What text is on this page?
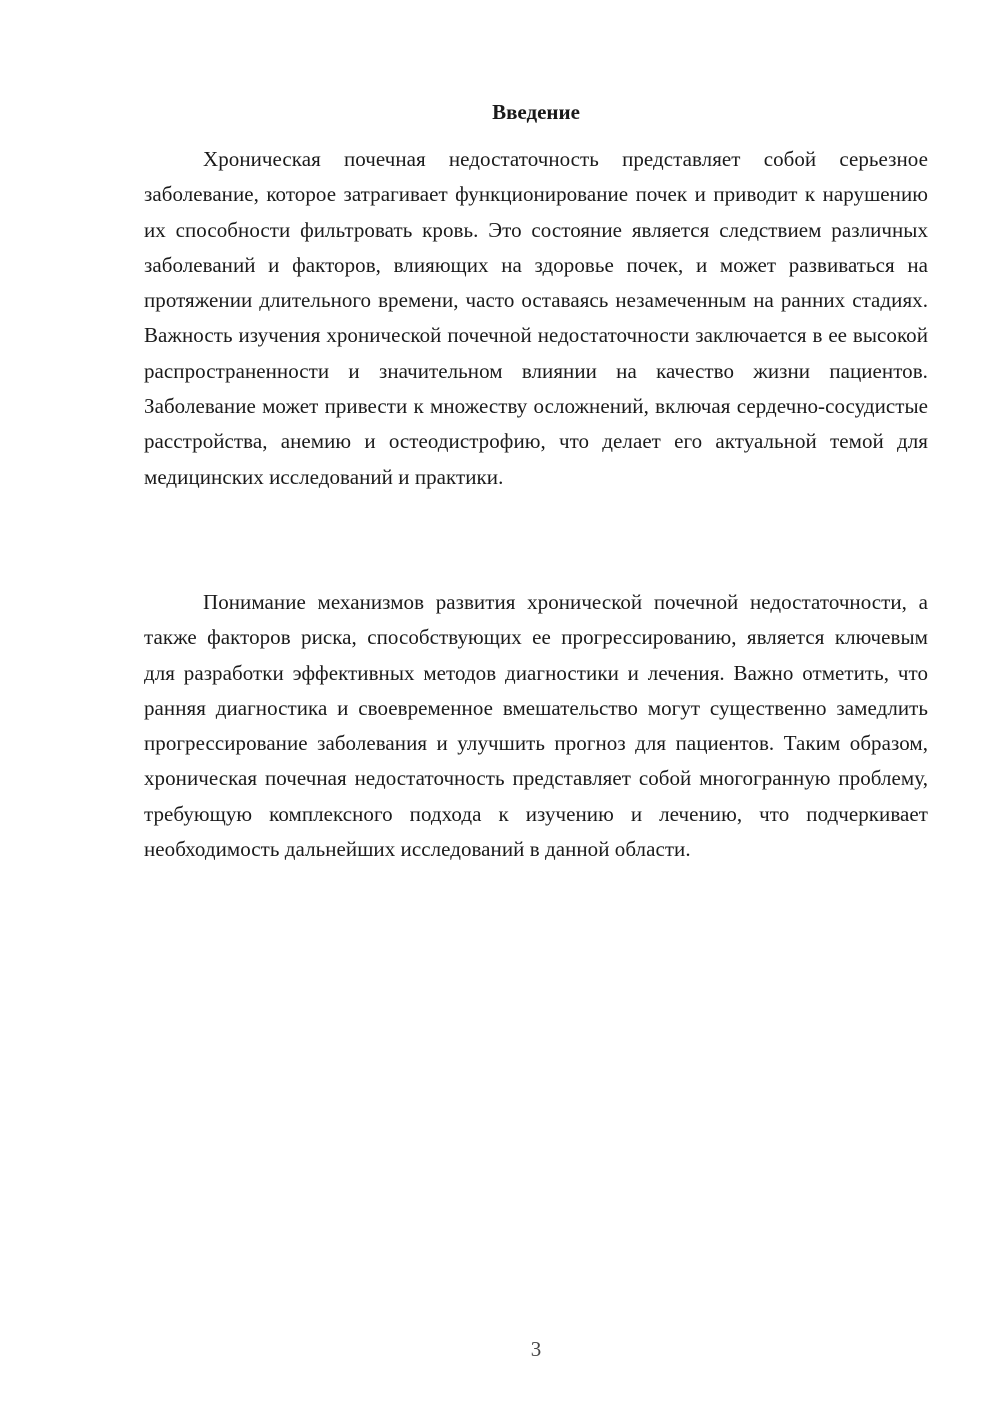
Введение

Хроническая почечная недостаточность представляет собой серьезное заболевание, которое затрагивает функционирование почек и приводит к нарушению их способности фильтровать кровь. Это состояние является следствием различных заболеваний и факторов, влияющих на здоровье почек, и может развиваться на протяжении длительного времени, часто оставаясь незамеченным на ранних стадиях. Важность изучения хронической почечной недостаточности заключается в ее высокой распространенности и значительном влиянии на качество жизни пациентов. Заболевание может привести к множеству осложнений, включая сердечно-сосудистые расстройства, анемию и остеодистрофию, что делает его актуальной темой для медицинских исследований и практики.

Понимание механизмов развития хронической почечной недостаточности, а также факторов риска, способствующих ее прогрессированию, является ключевым для разработки эффективных методов диагностики и лечения. Важно отметить, что ранняя диагностика и своевременное вмешательство могут существенно замедлить прогрессирование заболевания и улучшить прогноз для пациентов. Таким образом, хроническая почечная недостаточность представляет собой многогранную проблему, требующую комплексного подхода к изучению и лечению, что подчеркивает необходимость дальнейших исследований в данной области.

3
